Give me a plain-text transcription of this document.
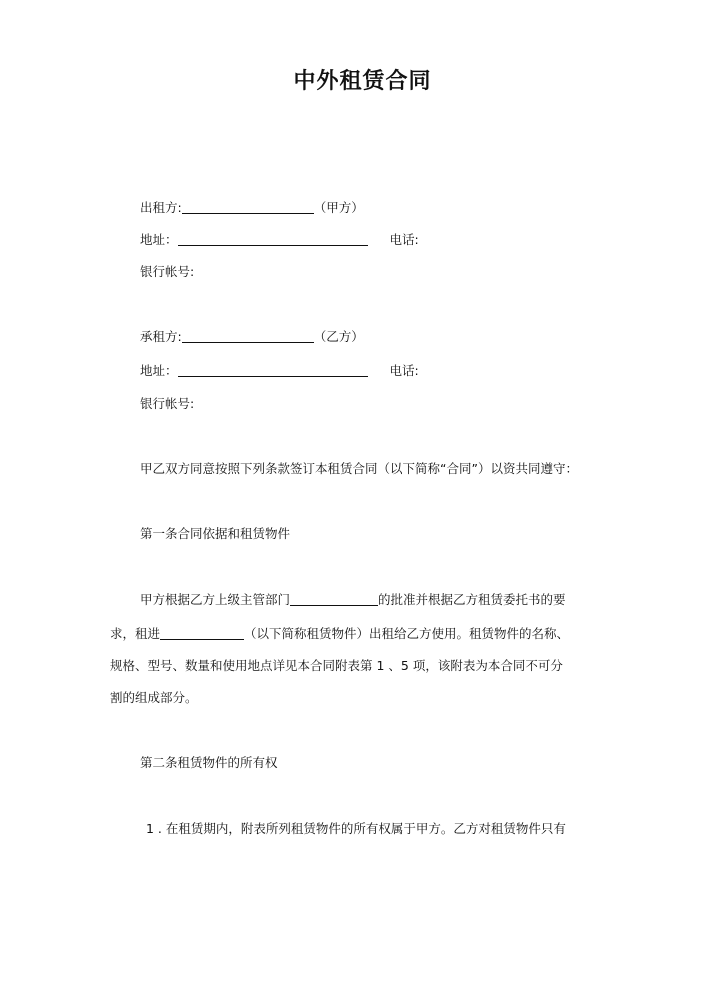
中外租赁合同
出租方:	（甲方）
地址：	电话:
银行帐号:
承租方:	（乙方）
地址：	电话:
银行帐号:
甲乙双方同意按照下列条款签订本租赁合同（以下简称“合同”）以资共同遵守：
第一条合同依据和租赁物件
甲方根据乙方上级主管部门	的批准并根据乙方租赁委托书的要
求，租进	（以下简称租赁物件）出租给乙方使用。租赁物件的名称、
规格、型号、数量和使用地点详见本合同附表第 1 、5 项，该附表为本合同不可分
割的组成部分。
第二条租赁物件的所有权
1 . 在租赁期内，附表所列租赁物件的所有权属于甲方。乙方对租赁物件只有
